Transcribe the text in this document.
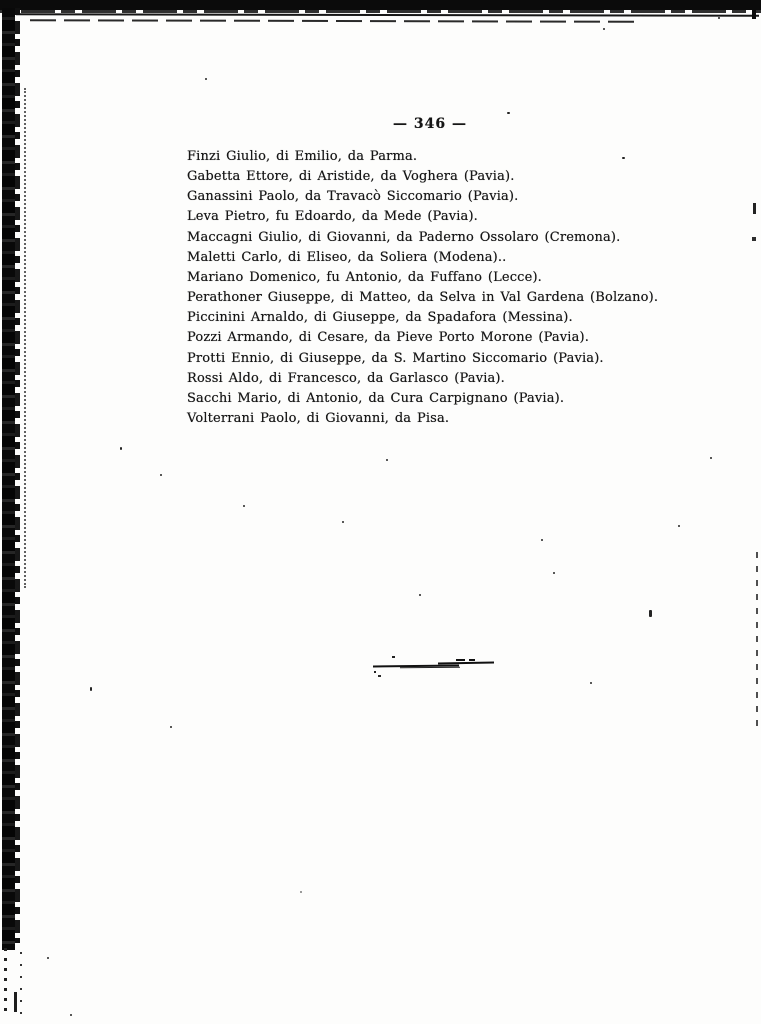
— 346 —
Finzi Giulio, di Emilio, da Parma.
Gabetta Ettore, di Aristide, da Voghera (Pavia).
Ganassini Paolo, da Travacò Siccomario (Pavia).
Leva Pietro, fu Edoardo, da Mede (Pavia).
Maccagni Giulio, di Giovanni, da Paderno Ossolaro (Cremona).
Maletti Carlo, di Eliseo, da Soliera (Modena)..
Mariano Domenico, fu Antonio, da Fuffano (Lecce).
Perathoner Giuseppe, di Matteo, da Selva in Val Gardena (Bolzano).
Piccinini Arnaldo, di Giuseppe, da Spadafora (Messina).
Pozzi Armando, di Cesare, da Pieve Porto Morone (Pavia).
Protti Ennio, di Giuseppe, da S. Martino Siccomario (Pavia).
Rossi Aldo, di Francesco, da Garlasco (Pavia).
Sacchi Mario, di Antonio, da Cura Carpignano (Pavia).
Volterrani Paolo, di Giovanni, da Pisa.
